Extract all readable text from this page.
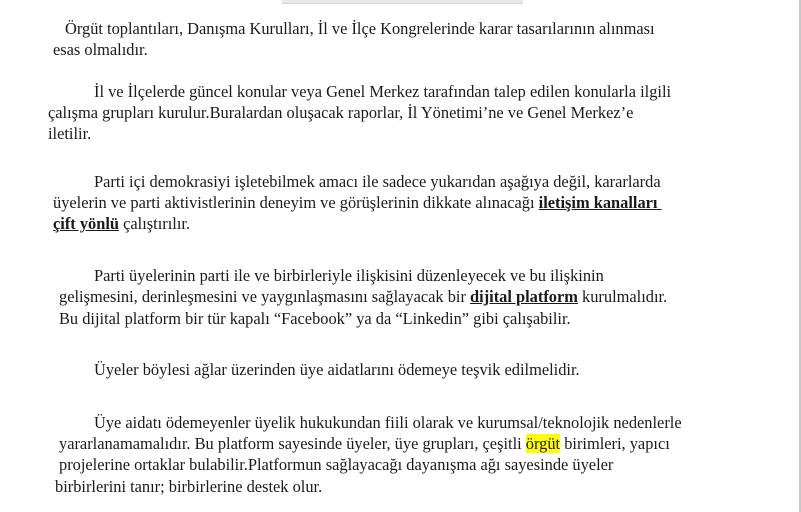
Örgüt toplantıları, Danışma Kurulları, İl ve İlçe Kongrelerinde karar tasarılarının alınması

esas olmalıdır.

İl ve İlçelerde güncel konular veya Genel Merkez tarafından talep edilen konularla ilgili

çalışma grupları kurulur.Buralardan oluşacak raporlar, İl Yönetimi’ne ve Genel Merkez’e

iletilir.

Parti içi demokrasiyi işletebilmek amacı ile sadece yukarıdan aşağıya değil, kararlarda

üyelerin ve parti aktivistlerinin deneyim ve görüşlerinin dikkate alınacağı iletişim kanalları

çift yönlü çalıştırılır.

Parti üyelerinin parti ile ve birbirleriyle ilişkisini düzenleyecek ve bu ilişkinin

gelişmesini, derinleşmesini ve yaygınlaşmasını sağlayacak bir dijital platform kurulmalıdır.

Bu dijital platform bir tür kapalı “Facebook” ya da “Linkedin” gibi çalışabilir.

Üyeler böylesi ağlar üzerinden üye aidatlarını ödemeye teşvik edilmelidir.

Üye aidatı ödemeyenler üyelik hukukundan fiili olarak ve kurumsal/teknolojik nedenlerle

yararlanamamalıdır. Bu platform sayesinde üyeler, üye grupları, çeşitli örgüt birimleri, yapıcı

projelerine ortaklar bulabilir.Platformun sağlayacağı dayanışma ağı sayesinde üyeler

birbirlerini tanır; birbirlerine destek olur.
